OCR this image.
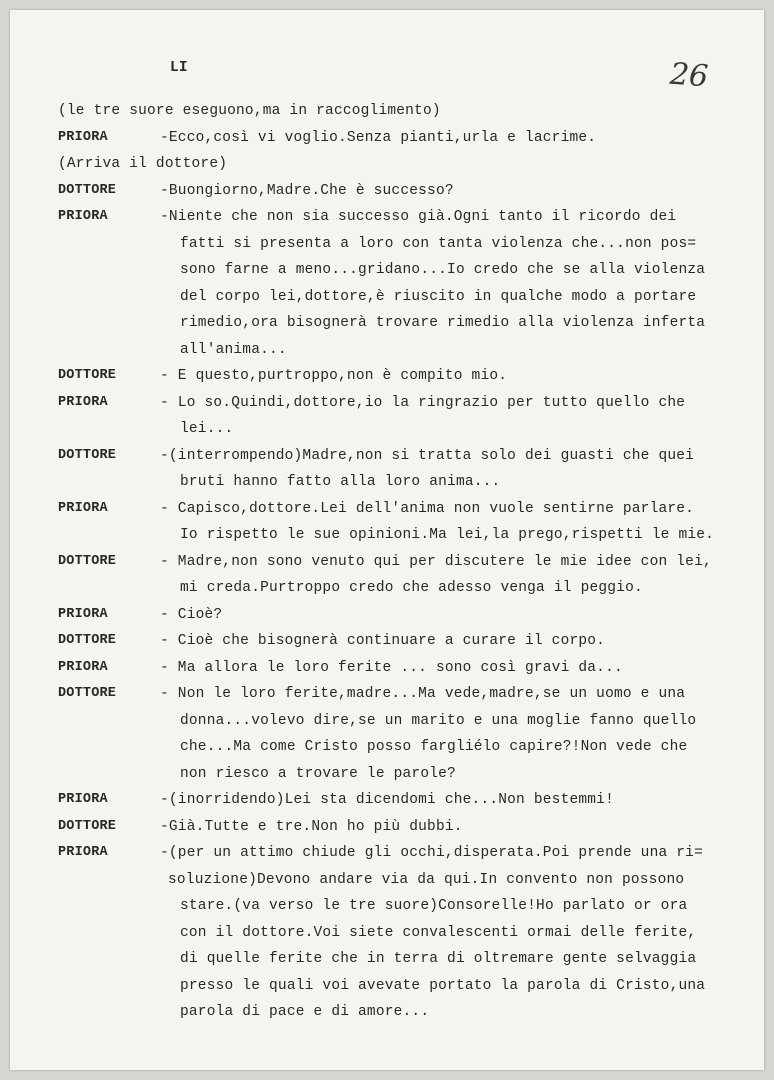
LI	26
(le tre suore eseguono,ma in raccoglimento)
PRIORA	-Ecco,così vi voglio.Senza pianti,urla e lacrime.
(Arriva il dottore)
DOTTORE	-Buongiorno,Madre.Che è successo?
PRIORA	-Niente che non sia successo già.Ogni tanto il ricordo dei
fatti si presenta a loro con tanta violenza che...non pos=
sono farne a meno...gridano...Io credo che se alla violenza
del corpo lei,dottore,è riuscito in qualche modo a portare
rimedio,ora bisognerà trovare rimedio alla violenza inferta
all'anima...
DOTTORE	- E questo,purtroppo,non è compito mio.
PRIORA	- Lo so.Quindi,dottore,io la ringrazio per tutto quello che
lei...
DOTTORE	-(interrompendo)Madre,non si tratta solo dei guasti che quei
bruti hanno fatto alla loro anima...
PRIORA	- Capisco,dottore.Lei dell'anima non vuole sentirne parlare.
Io rispetto le sue opinioni.Ma lei,la prego,rispetti le mie.
DOTTORE	- Madre,non sono venuto qui per discutere le mie idee con lei,
mi creda.Purtroppo credo che adesso venga il peggio.
PRIORA	- Cioè?
DOTTORE	- Cioè che bisognerà continuare a curare il corpo.
PRIORA	- Ma allora le loro ferite ... sono così gravi da...
DOTTORE	- Non le loro ferite,madre...Ma vede,madre,se un uomo e una
donna...volevo dire,se un marito e una moglie fanno quello
che...Ma come Cristo posso fargliélo capire?!Non vede che
non riesco a trovare le parole?
PRIORA	-(inorridendo)Lei sta dicendomi che...Non bestemmi!
DOTTORE	-Già.Tutte e tre.Non ho più dubbi.
PRIORA	-(per un attimo chiude gli occhi,disperata.Poi prende una ri=
soluzione)Devono andare via da qui.In convento non possono
stare.(va verso le tre suore)Consorelle!Ho parlato or ora
con il dottore.Voi siete convalescenti ormai delle ferite,
di quelle ferite che in terra di oltremare gente selvaggia
presso le quali voi avevate portato la parola di Cristo,una
parola di pace e di amore...
